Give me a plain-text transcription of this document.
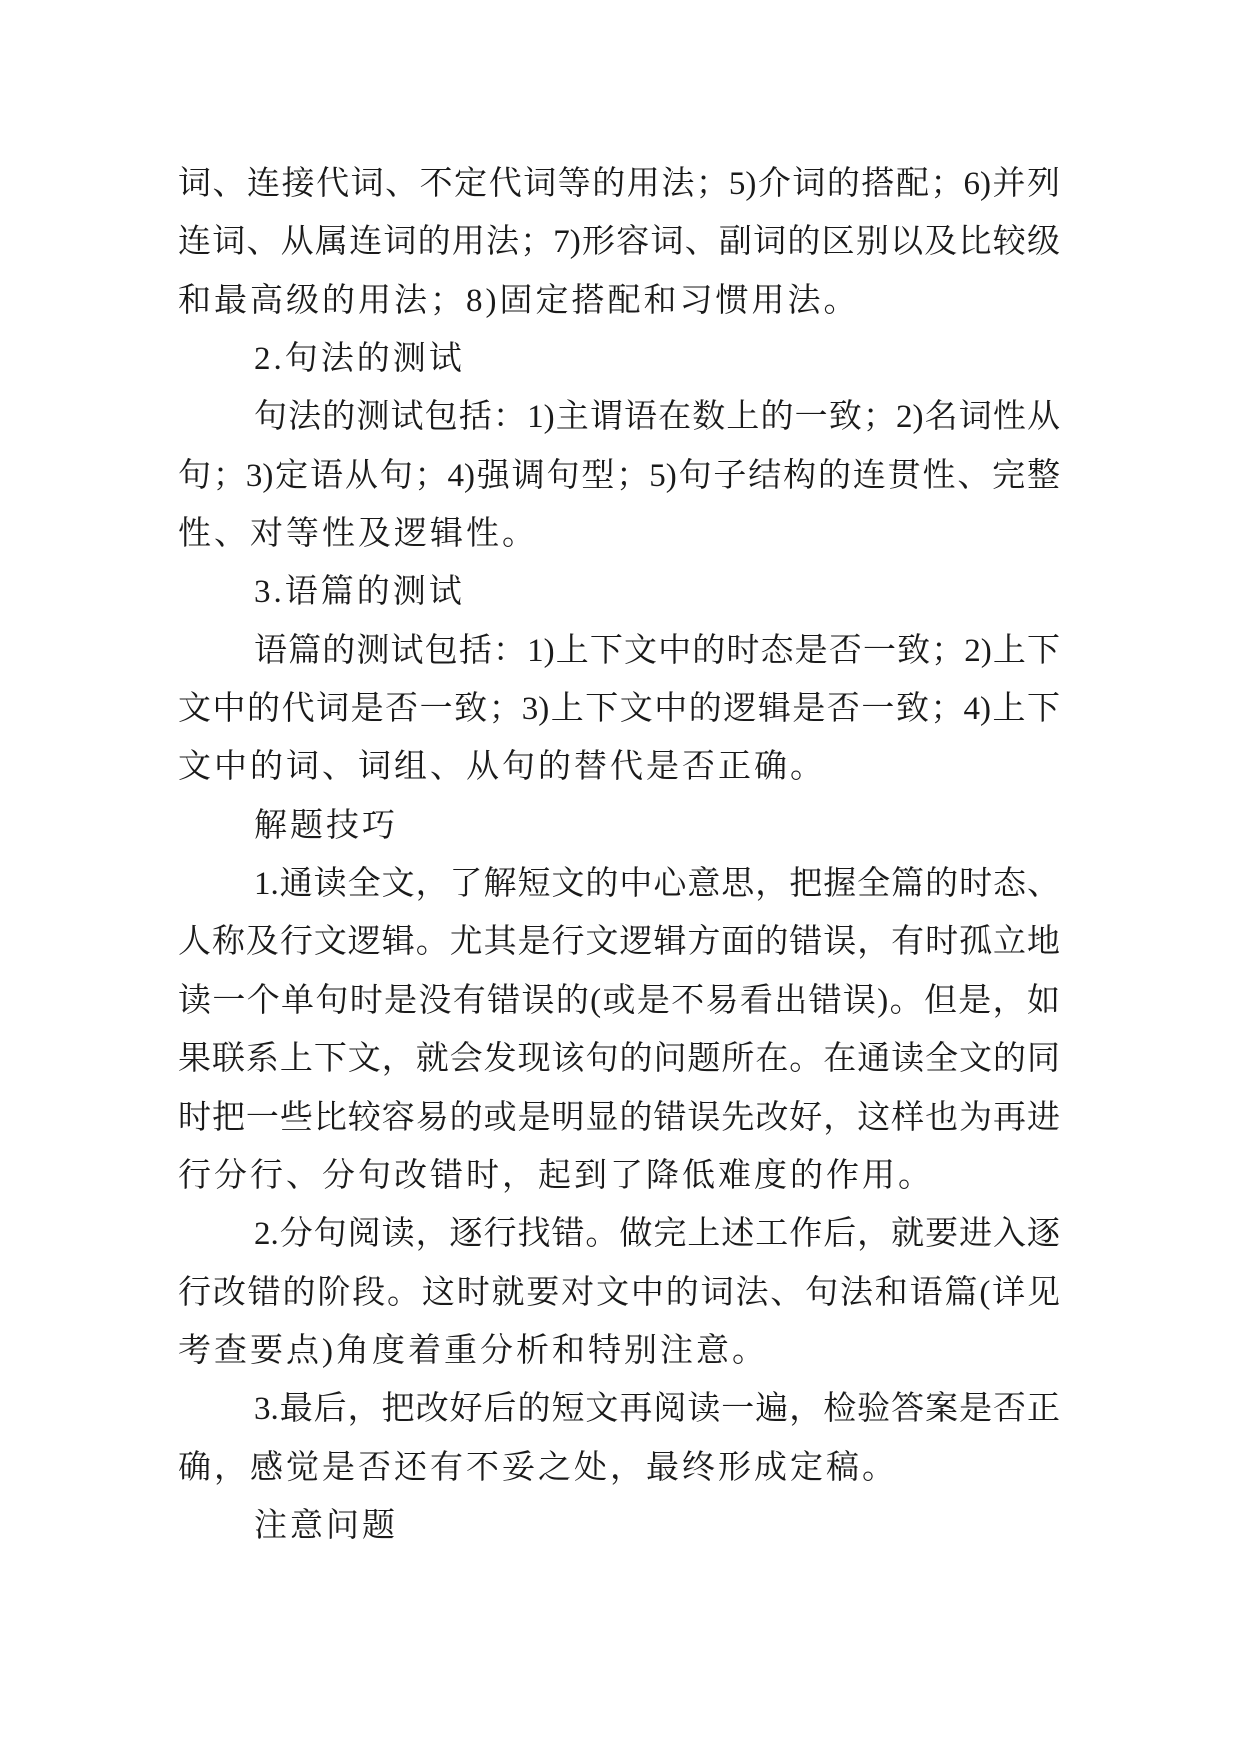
词、连接代词、不定代词等的用法；5)介词的搭配；6)并列
连词、从属连词的用法；7)形容词、副词的区别以及比较级
和最高级的用法；8)固定搭配和习惯用法。
2.句法的测试
句法的测试包括：1)主谓语在数上的一致；2)名词性从
句；3)定语从句；4)强调句型；5)句子结构的连贯性、完整
性、对等性及逻辑性。
3.语篇的测试
语篇的测试包括：1)上下文中的时态是否一致；2)上下
文中的代词是否一致；3)上下文中的逻辑是否一致；4)上下
文中的词、词组、从句的替代是否正确。
解题技巧
1.通读全文，了解短文的中心意思，把握全篇的时态、
人称及行文逻辑。尤其是行文逻辑方面的错误，有时孤立地
读一个单句时是没有错误的(或是不易看出错误)。但是，如
果联系上下文，就会发现该句的问题所在。在通读全文的同
时把一些比较容易的或是明显的错误先改好，这样也为再进
行分行、分句改错时，起到了降低难度的作用。
2.分句阅读，逐行找错。做完上述工作后，就要进入逐
行改错的阶段。这时就要对文中的词法、句法和语篇(详见
考查要点)角度着重分析和特别注意。
3.最后，把改好后的短文再阅读一遍，检验答案是否正
确，感觉是否还有不妥之处，最终形成定稿。
注意问题
